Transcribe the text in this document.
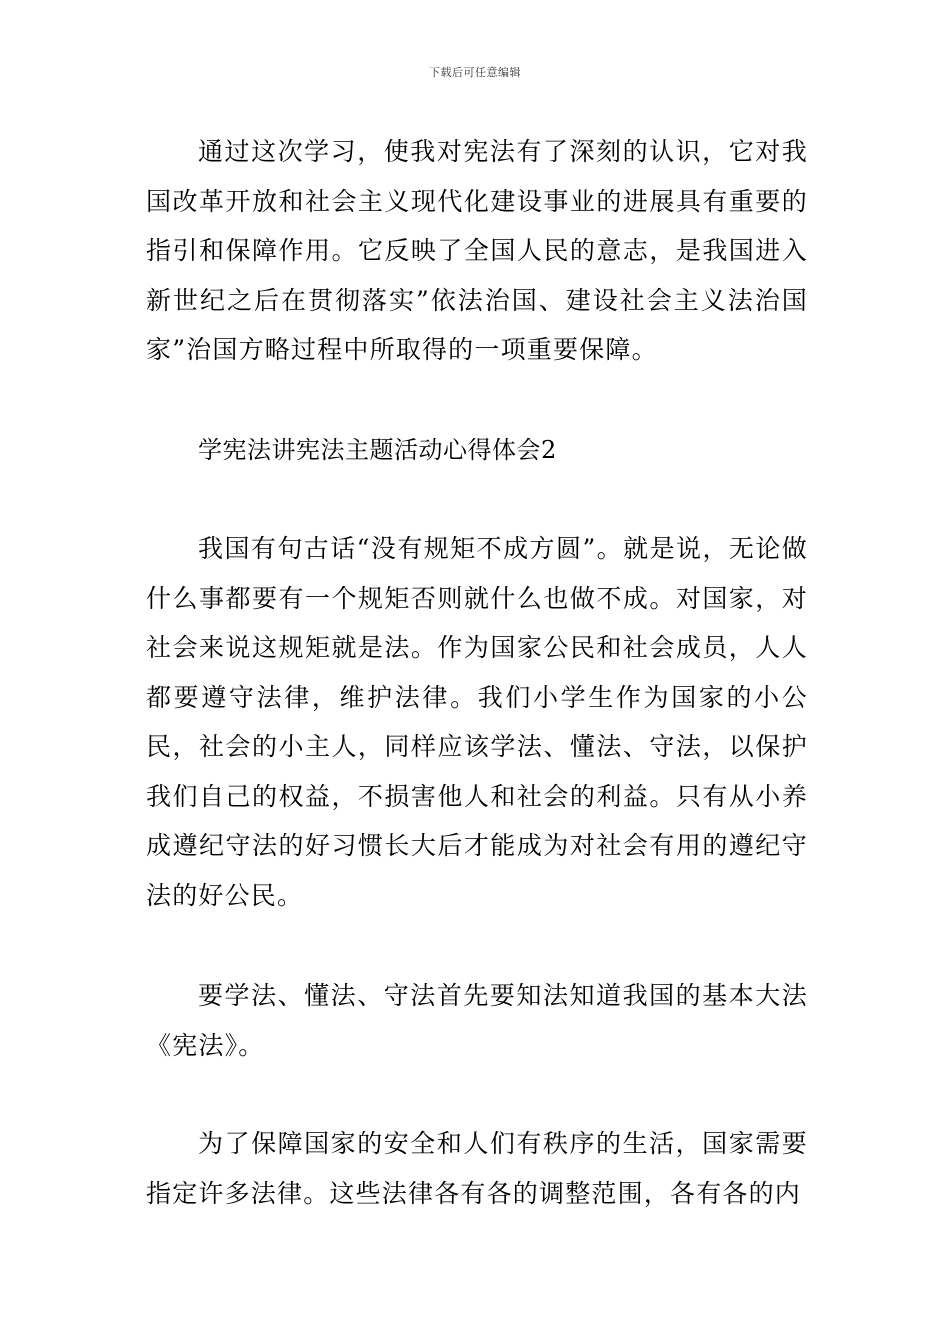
下载后可任意编辑

通过这次学习，使我对宪法有了深刻的认识，它对我国改革开放和社会主义现代化建设事业的进展具有重要的指引和保障作用。它反映了全国人民的意志，是我国进入新世纪之后在贯彻落实”依法治国、建设社会主义法治国家”治国方略过程中所取得的一项重要保障。

学宪法讲宪法主题活动心得体会2

我国有句古话“没有规矩不成方圆”。就是说，无论做什么事都要有一个规矩否则就什么也做不成。对国家，对社会来说这规矩就是法。作为国家公民和社会成员，人人都要遵守法律，维护法律。我们小学生作为国家的小公民，社会的小主人，同样应该学法、懂法、守法，以保护我们自己的权益，不损害他人和社会的利益。只有从小养成遵纪守法的好习惯长大后才能成为对社会有用的遵纪守法的好公民。

要学法、懂法、守法首先要知法知道我国的基本大法《宪法》。

为了保障国家的安全和人们有秩序的生活，国家需要指定许多法律。这些法律各有各的调整范围，各有各的内
